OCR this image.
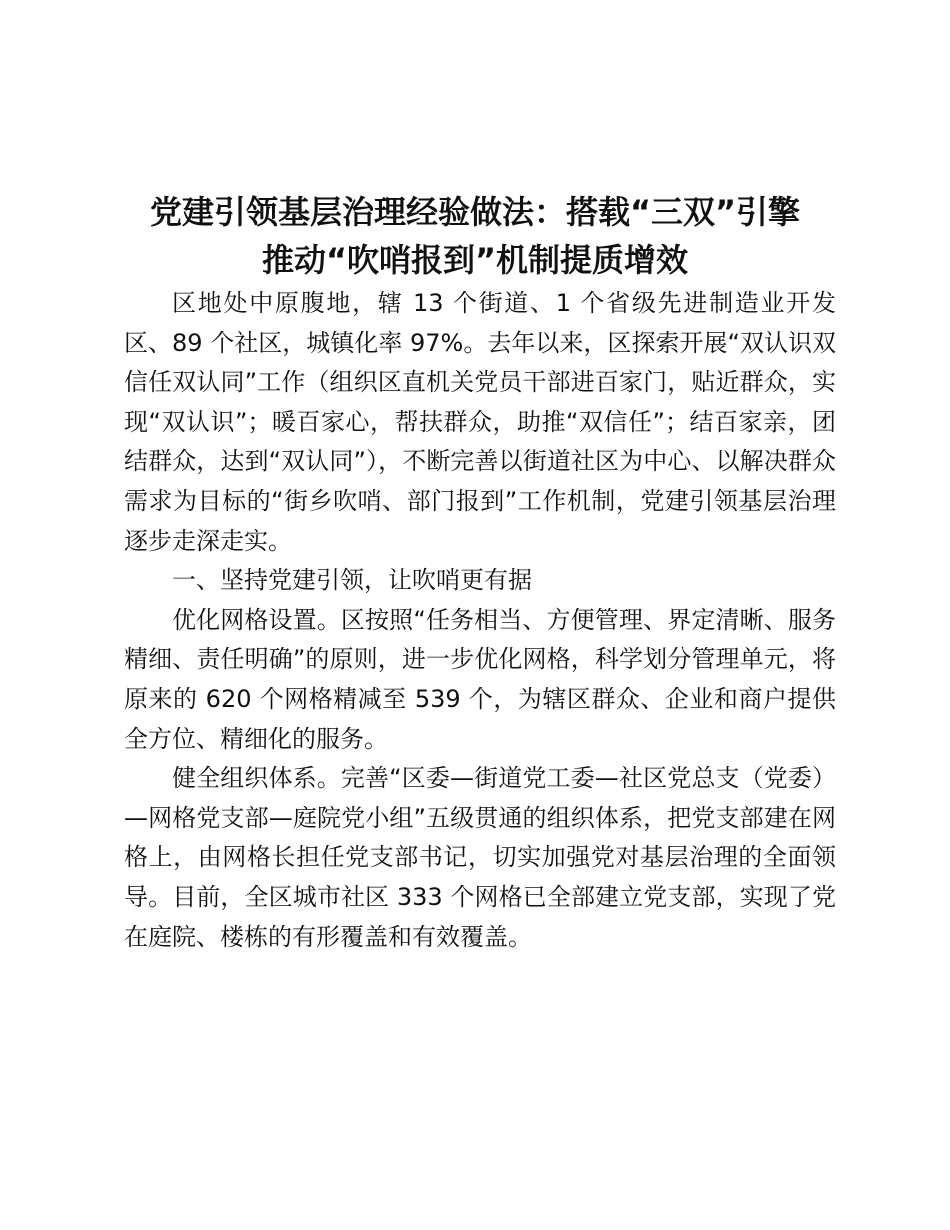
党建引领基层治理经验做法：搭载“三双”引擎
推动“吹哨报到”机制提质增效

区地处中原腹地，辖 13 个街道、1 个省级先进制造业开发区、89 个社区，城镇化率 97%。去年以来，区探索开展“双认识双信任双认同”工作（组织区直机关党员干部进百家门，贴近群众，实现“双认识”；暖百家心，帮扶群众，助推“双信任”；结百家亲，团结群众，达到“双认同”），不断完善以街道社区为中心、以解决群众需求为目标的“街乡吹哨、部门报到”工作机制，党建引领基层治理逐步走深走实。

一、坚持党建引领，让吹哨更有据

优化网格设置。区按照“任务相当、方便管理、界定清晰、服务精细、责任明确”的原则，进一步优化网格，科学划分管理单元，将原来的 620 个网格精减至 539 个，为辖区群众、企业和商户提供全方位、精细化的服务。

健全组织体系。完善“区委—街道党工委—社区党总支（党委）—网格党支部—庭院党小组”五级贯通的组织体系，把党支部建在网格上，由网格长担任党支部书记，切实加强党对基层治理的全面领导。目前，全区城市社区 333 个网格已全部建立党支部，实现了党在庭院、楼栋的有形覆盖和有效覆盖。
